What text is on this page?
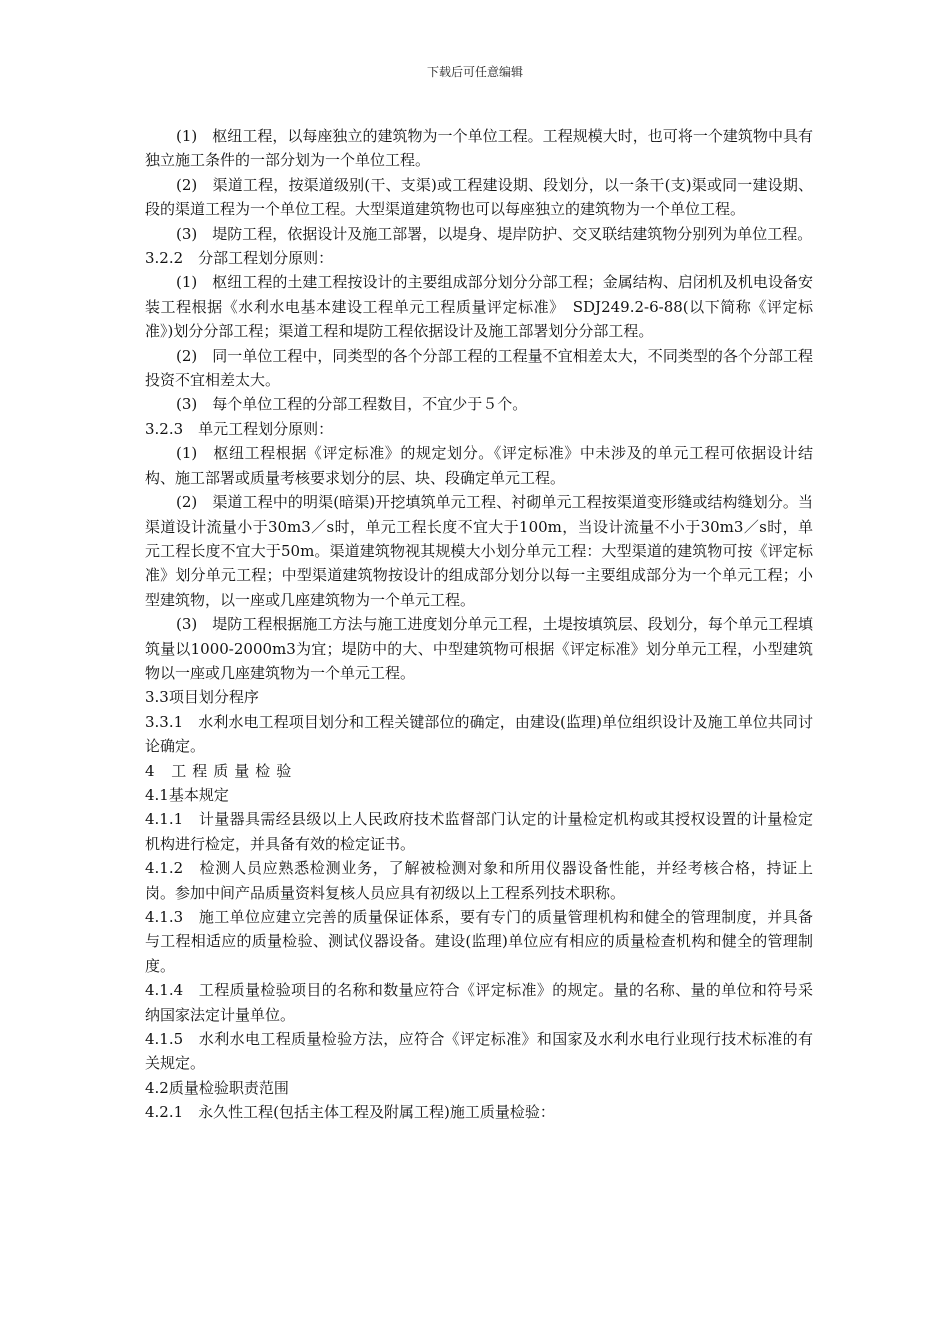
下载后可任意编辑

(1)　枢纽工程，以每座独立的建筑物为一个单位工程。工程规模大时，也可将一个建筑物中具有独立施工条件的一部分划为一个单位工程。

(2)　渠道工程，按渠道级别(干、支渠)或工程建设期、段划分，以一条干(支)渠或同一建设期、段的渠道工程为一个单位工程。大型渠道建筑物也可以每座独立的建筑物为一个单位工程。

(3)　堤防工程，依据设计及施工部署，以堤身、堤岸防护、交叉联结建筑物分别列为单位工程。

3.2.2　分部工程划分原则：

(1)　枢纽工程的土建工程按设计的主要组成部分划分分部工程；金属结构、启闭机及机电设备安装工程根据《水利水电基本建设工程单元工程质量评定标准》　SDJ249.2-6-88(以下简称《评定标准》)划分分部工程；渠道工程和堤防工程依据设计及施工部署划分分部工程。

(2)　同一单位工程中，同类型的各个分部工程的工程量不宜相差太大，不同类型的各个分部工程投资不宜相差太大。

(3)　每个单位工程的分部工程数目，不宜少于５个。

3.2.3　单元工程划分原则：

(1)　枢纽工程根据《评定标准》的规定划分。《评定标准》中未涉及的单元工程可依据设计结构、施工部署或质量考核要求划分的层、块、段确定单元工程。

(2)　渠道工程中的明渠(暗渠)开挖填筑单元工程、衬砌单元工程按渠道变形缝或结构缝划分。当渠道设计流量小于30m3／s时，单元工程长度不宜大于100m，当设计流量不小于30m3／s时，单元工程长度不宜大于50m。渠道建筑物视其规模大小划分单元工程：大型渠道的建筑物可按《评定标准》划分单元工程；中型渠道建筑物按设计的组成部分划分以每一主要组成部分为一个单元工程；小型建筑物，以一座或几座建筑物为一个单元工程。

(3)　堤防工程根据施工方法与施工进度划分单元工程，土堤按填筑层、段划分，每个单元工程填筑量以1000-2000m3为宜；堤防中的大、中型建筑物可根据《评定标准》划分单元工程，小型建筑物以一座或几座建筑物为一个单元工程。

3.3项目划分程序

3.3.1　水利水电工程项目划分和工程关键部位的确定，由建设(监理)单位组织设计及施工单位共同讨论确定。

4 工程质量检验

4.1基本规定

4.1.1　计量器具需经县级以上人民政府技术监督部门认定的计量检定机构或其授权设置的计量检定机构进行检定，并具备有效的检定证书。

4.1.2　检测人员应熟悉检测业务，了解被检测对象和所用仪器设备性能，并经考核合格，持证上岗。参加中间产品质量资料复核人员应具有初级以上工程系列技术职称。

4.1.3　施工单位应建立完善的质量保证体系，要有专门的质量管理机构和健全的管理制度，并具备与工程相适应的质量检验、测试仪器设备。建设(监理)单位应有相应的质量检查机构和健全的管理制度。

4.1.4　工程质量检验项目的名称和数量应符合《评定标准》的规定。量的名称、量的单位和符号采纳国家法定计量单位。

4.1.5　水利水电工程质量检验方法，应符合《评定标准》和国家及水利水电行业现行技术标准的有关规定。

4.2质量检验职责范围

4.2.1　永久性工程(包括主体工程及附属工程)施工质量检验：
